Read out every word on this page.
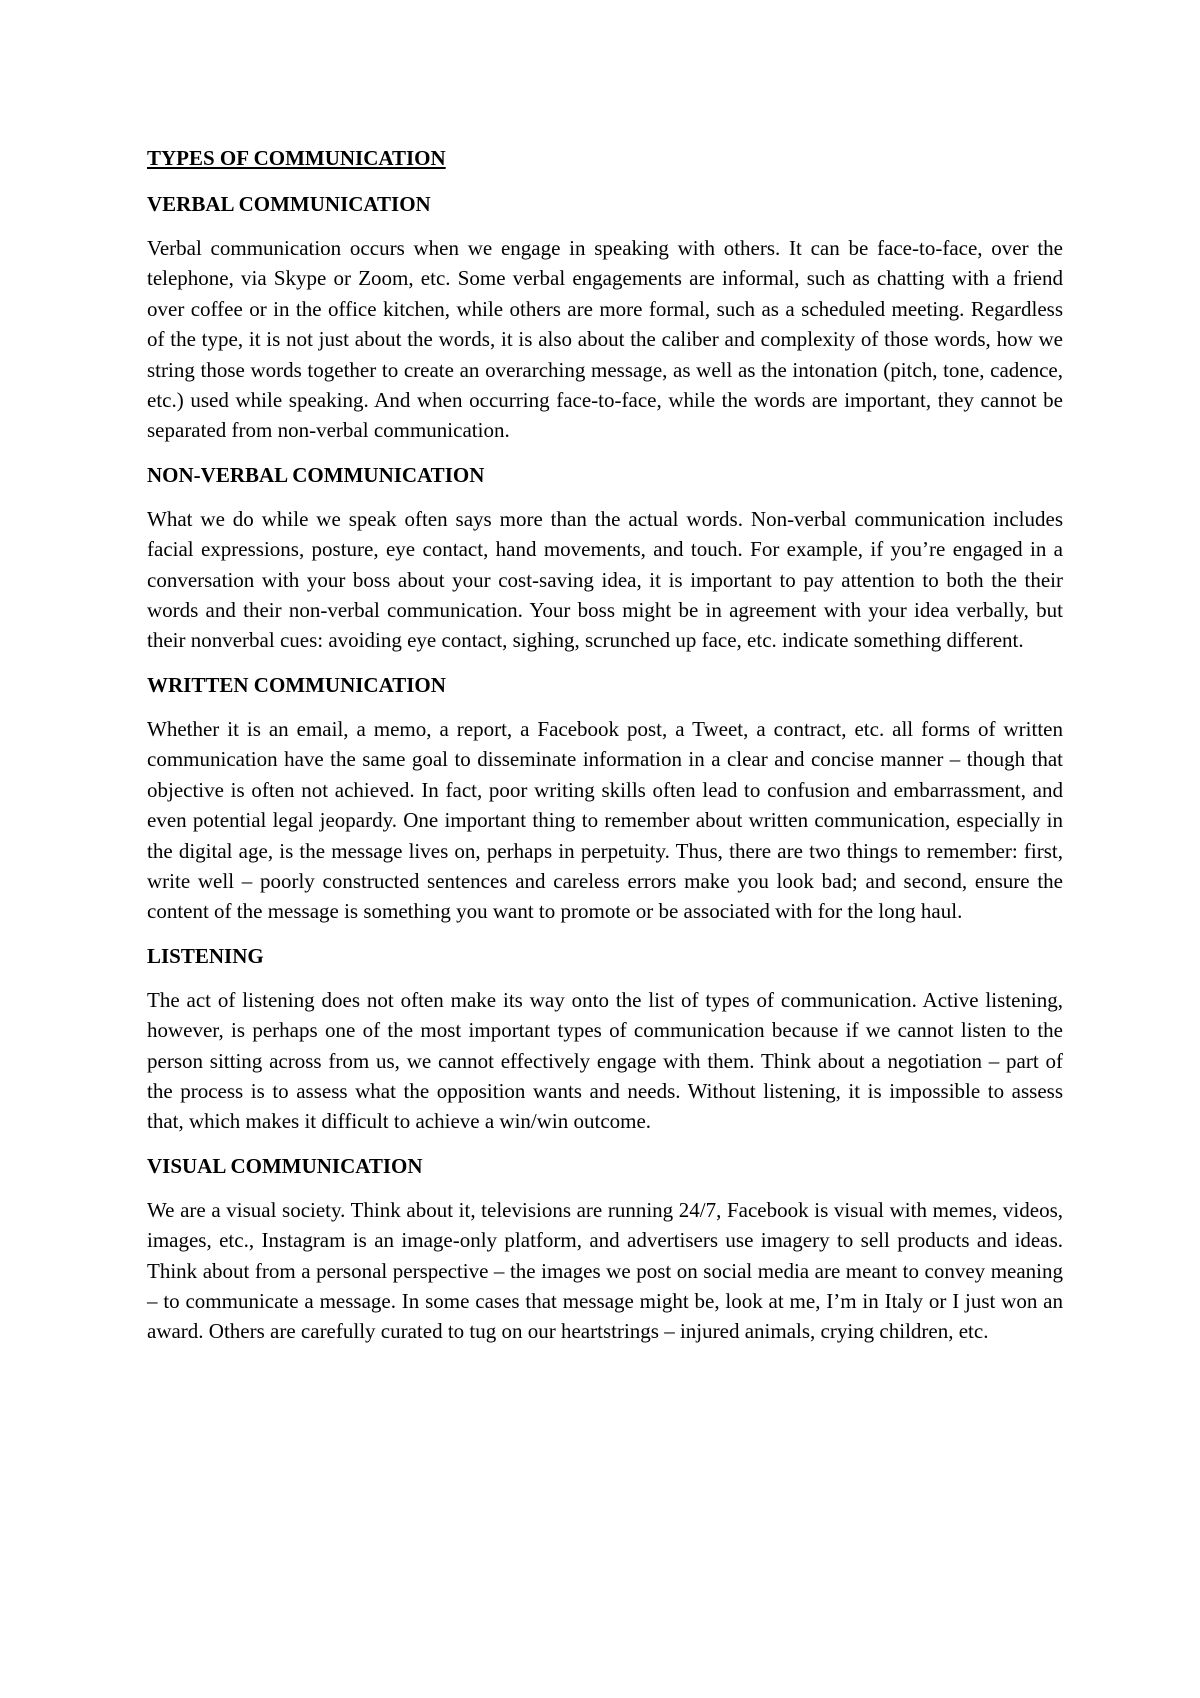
TYPES OF COMMUNICATION
VERBAL COMMUNICATION

Verbal communication occurs when we engage in speaking with others. It can be face-to-face, over the telephone, via Skype or Zoom, etc. Some verbal engagements are informal, such as chatting with a friend over coffee or in the office kitchen, while others are more formal, such as a scheduled meeting. Regardless of the type, it is not just about the words, it is also about the caliber and complexity of those words, how we string those words together to create an overarching message, as well as the intonation (pitch, tone, cadence, etc.) used while speaking. And when occurring face-to-face, while the words are important, they cannot be separated from non-verbal communication.

NON-VERBAL COMMUNICATION

What we do while we speak often says more than the actual words. Non-verbal communication includes facial expressions, posture, eye contact, hand movements, and touch. For example, if you’re engaged in a conversation with your boss about your cost-saving idea, it is important to pay attention to both the their words and their non-verbal communication. Your boss might be in agreement with your idea verbally, but their nonverbal cues: avoiding eye contact, sighing, scrunched up face, etc. indicate something different.

WRITTEN COMMUNICATION

Whether it is an email, a memo, a report, a Facebook post, a Tweet, a contract, etc. all forms of written communication have the same goal to disseminate information in a clear and concise manner – though that objective is often not achieved. In fact, poor writing skills often lead to confusion and embarrassment, and even potential legal jeopardy. One important thing to remember about written communication, especially in the digital age, is the message lives on, perhaps in perpetuity. Thus, there are two things to remember: first, write well – poorly constructed sentences and careless errors make you look bad; and second, ensure the content of the message is something you want to promote or be associated with for the long haul.

LISTENING

The act of listening does not often make its way onto the list of types of communication. Active listening, however, is perhaps one of the most important types of communication because if we cannot listen to the person sitting across from us, we cannot effectively engage with them. Think about a negotiation – part of the process is to assess what the opposition wants and needs. Without listening, it is impossible to assess that, which makes it difficult to achieve a win/win outcome.

VISUAL COMMUNICATION

We are a visual society. Think about it, televisions are running 24/7, Facebook is visual with memes, videos, images, etc., Instagram is an image-only platform, and advertisers use imagery to sell products and ideas. Think about from a personal perspective – the images we post on social media are meant to convey meaning – to communicate a message. In some cases that message might be, look at me, I’m in Italy or I just won an award. Others are carefully curated to tug on our heartstrings – injured animals, crying children, etc.
